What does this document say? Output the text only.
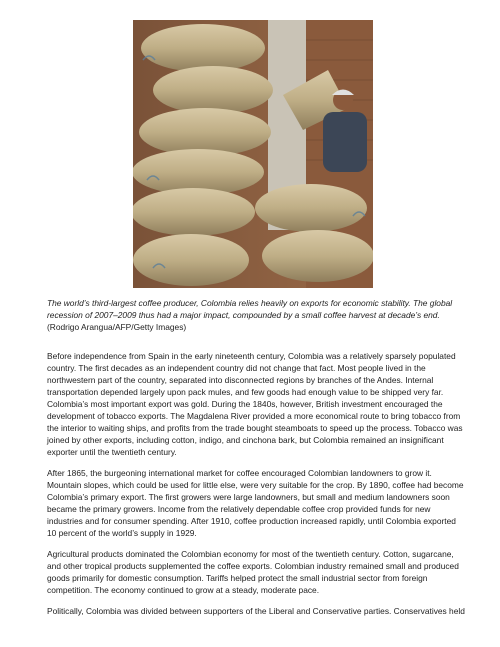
The world’s third-largest coffee producer, Colombia relies heavily on exports for economic stability. The global recession of 2007–2009 thus had a major impact, compounded by a small coffee harvest at decade’s end.
(Rodrigo Arangua/AFP/Getty Images)

Before independence from Spain in the early nineteenth century, Colombia was a relatively sparsely populated country. The first decades as an independent country did not change that fact. Most people lived in the northwestern part of the country, separated into disconnected regions by branches of the Andes. Internal transportation depended largely upon pack mules, and few goods had enough value to be shipped very far. Colombia’s most important export was gold. During the 1840s, however, British investment encouraged the development of tobacco exports. The Magdalena River provided a more economical route to bring tobacco from the interior to waiting ships, and profits from the trade bought steamboats to speed up the process. Tobacco was joined by other exports, including cotton, indigo, and cinchona bark, but Colombia remained an insignificant exporter until the twentieth century.

After 1865, the burgeoning international market for coffee encouraged Colombian landowners to grow it. Mountain slopes, which could be used for little else, were very suitable for the crop. By 1890, coffee had become Colombia’s primary export. The first growers were large landowners, but small and medium landowners soon became the primary growers. Income from the relatively dependable coffee crop provided funds for new industries and for consumer spending. After 1910, coffee production increased rapidly, until Colombia exported 10 percent of the world’s supply in 1929.

Agricultural products dominated the Colombian economy for most of the twentieth century. Cotton, sugarcane, and other tropical products supplemented the coffee exports. Colombian industry remained small and produced goods primarily for domestic consumption. Tariffs helped protect the small industrial sector from foreign competition. The economy continued to grow at a steady, moderate pace.

Politically, Colombia was divided between supporters of the Liberal and Conservative parties. Conservatives held
